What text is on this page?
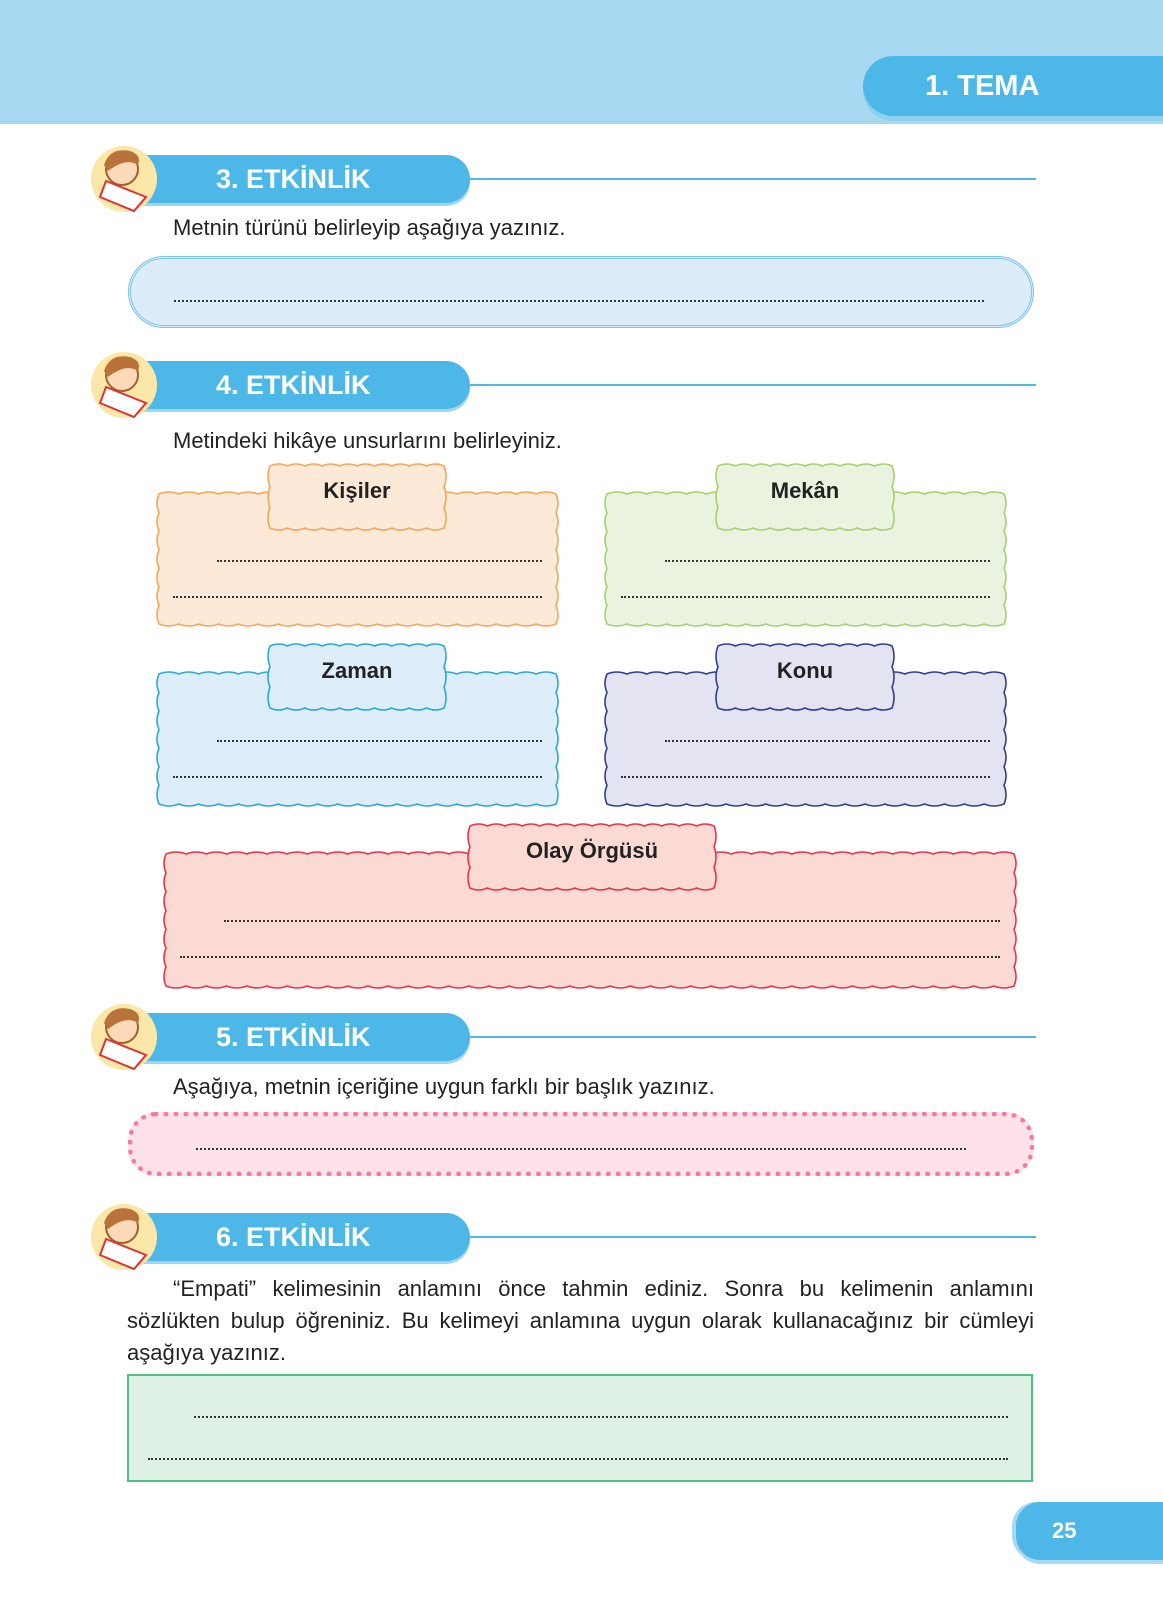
1. TEMA
3. ETKİNLİK
Metnin türünü belirleyip aşağıya yazınız.
4. ETKİNLİK
Metindeki hikâye unsurlarını belirleyiniz.
Kişiler	Mekân
Zaman	Konu
Olay Örgüsü
5. ETKİNLİK
Aşağıya, metnin içeriğine uygun farklı bir başlık yazınız.
6. ETKİNLİK
“Empati” kelimesinin anlamını önce tahmin ediniz. Sonra bu kelimenin anlamını sözlükten bulup öğreniniz. Bu kelimeyi anlamına uygun olarak kullanacağınız bir cümleyi aşağıya yazınız.
25
